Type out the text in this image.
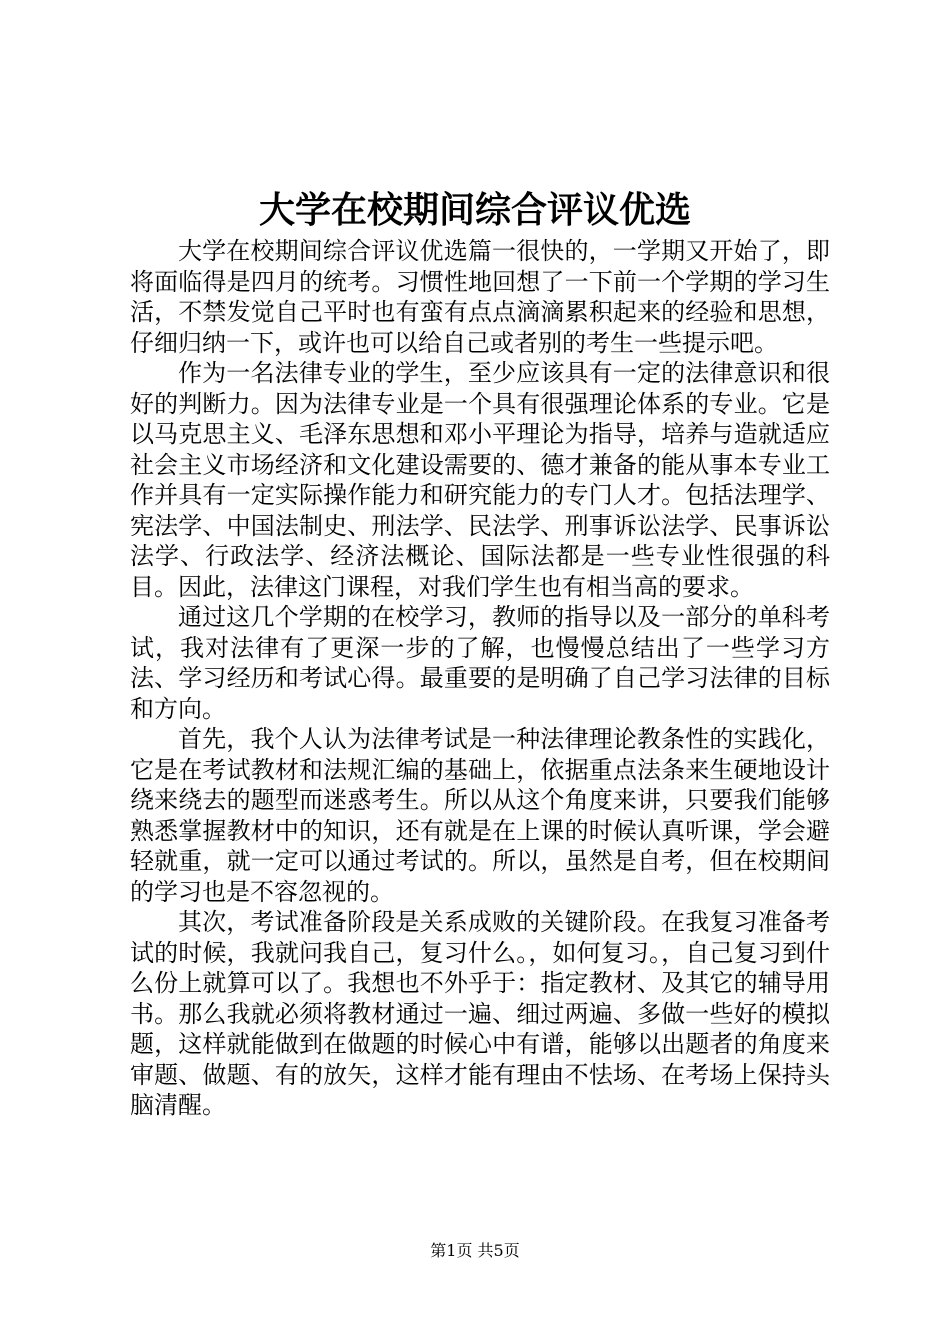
大学在校期间综合评议优选

大学在校期间综合评议优选篇一很快的，一学期又开始了，即将面临得是四月的统考。习惯性地回想了一下前一个学期的学习生活，不禁发觉自己平时也有蛮有点点滴滴累积起来的经验和思想，仔细归纳一下，或许也可以给自己或者别的考生一些提示吧。

作为一名法律专业的学生，至少应该具有一定的法律意识和很好的判断力。因为法律专业是一个具有很强理论体系的专业。它是以马克思主义、毛泽东思想和邓小平理论为指导，培养与造就适应社会主义市场经济和文化建设需要的、德才兼备的能从事本专业工作并具有一定实际操作能力和研究能力的专门人才。包括法理学、宪法学、中国法制史、刑法学、民法学、刑事诉讼法学、民事诉讼法学、行政法学、经济法概论、国际法都是一些专业性很强的科目。因此，法律这门课程，对我们学生也有相当高的要求。

通过这几个学期的在校学习，教师的指导以及一部分的单科考试，我对法律有了更深一步的了解，也慢慢总结出了一些学习方法、学习经历和考试心得。最重要的是明确了自己学习法律的目标和方向。

首先，我个人认为法律考试是一种法律理论教条性的实践化，它是在考试教材和法规汇编的基础上，依据重点法条来生硬地设计绕来绕去的题型而迷惑考生。所以从这个角度来讲，只要我们能够熟悉掌握教材中的知识，还有就是在上课的时候认真听课，学会避轻就重，就一定可以通过考试的。所以，虽然是自考，但在校期间的学习也是不容忽视的。

其次，考试准备阶段是关系成败的关键阶段。在我复习准备考试的时候，我就问我自己，复习什么。，如何复习。，自己复习到什么份上就算可以了。我想也不外乎于：指定教材、及其它的辅导用书。那么我就必须将教材通过一遍、细过两遍、多做一些好的模拟题，这样就能做到在做题的时候心中有谱，能够以出题者的角度来审题、做题、有的放矢，这样才能有理由不怯场、在考场上保持头脑清醒。

第1页 共5页
